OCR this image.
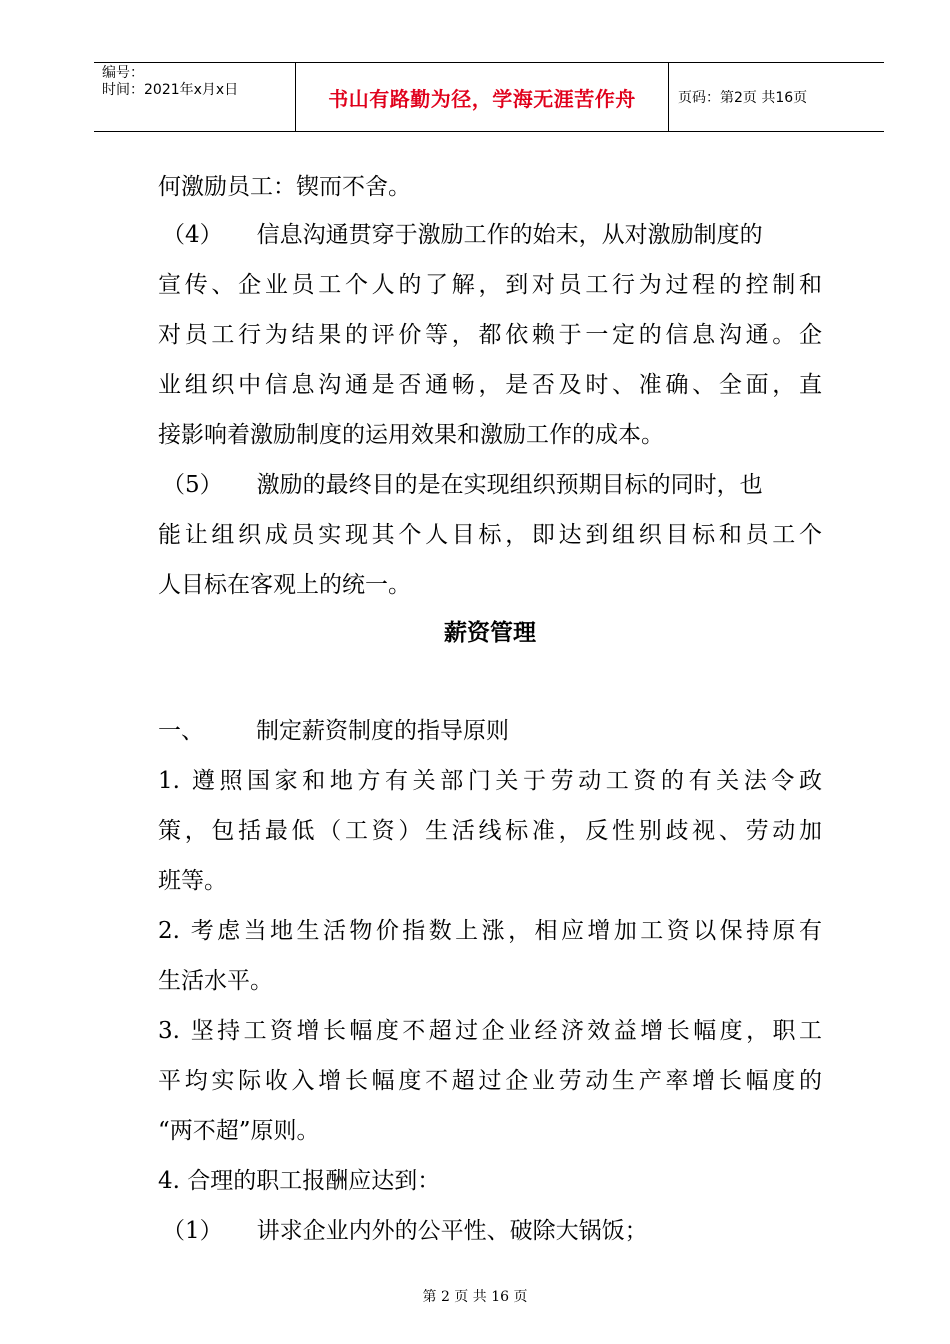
编号：
时间：2021年x月x日	书山有路勤为径，学海无涯苦作舟	页码：第2页 共16页
何激励员工：锲而不舍。
（4） 信息沟通贯穿于激励工作的始末，从对激励制度的
宣传、企业员工个人的了解，到对员工行为过程的控制和
对员工行为结果的评价等，都依赖于一定的信息沟通。企
业组织中信息沟通是否通畅，是否及时、准确、全面，直
接影响着激励制度的运用效果和激励工作的成本。
（5） 激励的最终目的是在实现组织预期目标的同时，也
能让组织成员实现其个人目标，即达到组织目标和员工个
人目标在客观上的统一。
薪资管理
一、 制定薪资制度的指导原则
1. 遵照国家和地方有关部门关于劳动工资的有关法令政
策，包括最低（工资）生活线标准，反性别歧视、劳动加
班等。
2. 考虑当地生活物价指数上涨，相应增加工资以保持原有
生活水平。
3. 坚持工资增长幅度不超过企业经济效益增长幅度，职工
平均实际收入增长幅度不超过企业劳动生产率增长幅度的
“两不超”原则。
4. 合理的职工报酬应达到：
（1） 讲求企业内外的公平性、破除大锅饭；
第 2 页 共 16 页
